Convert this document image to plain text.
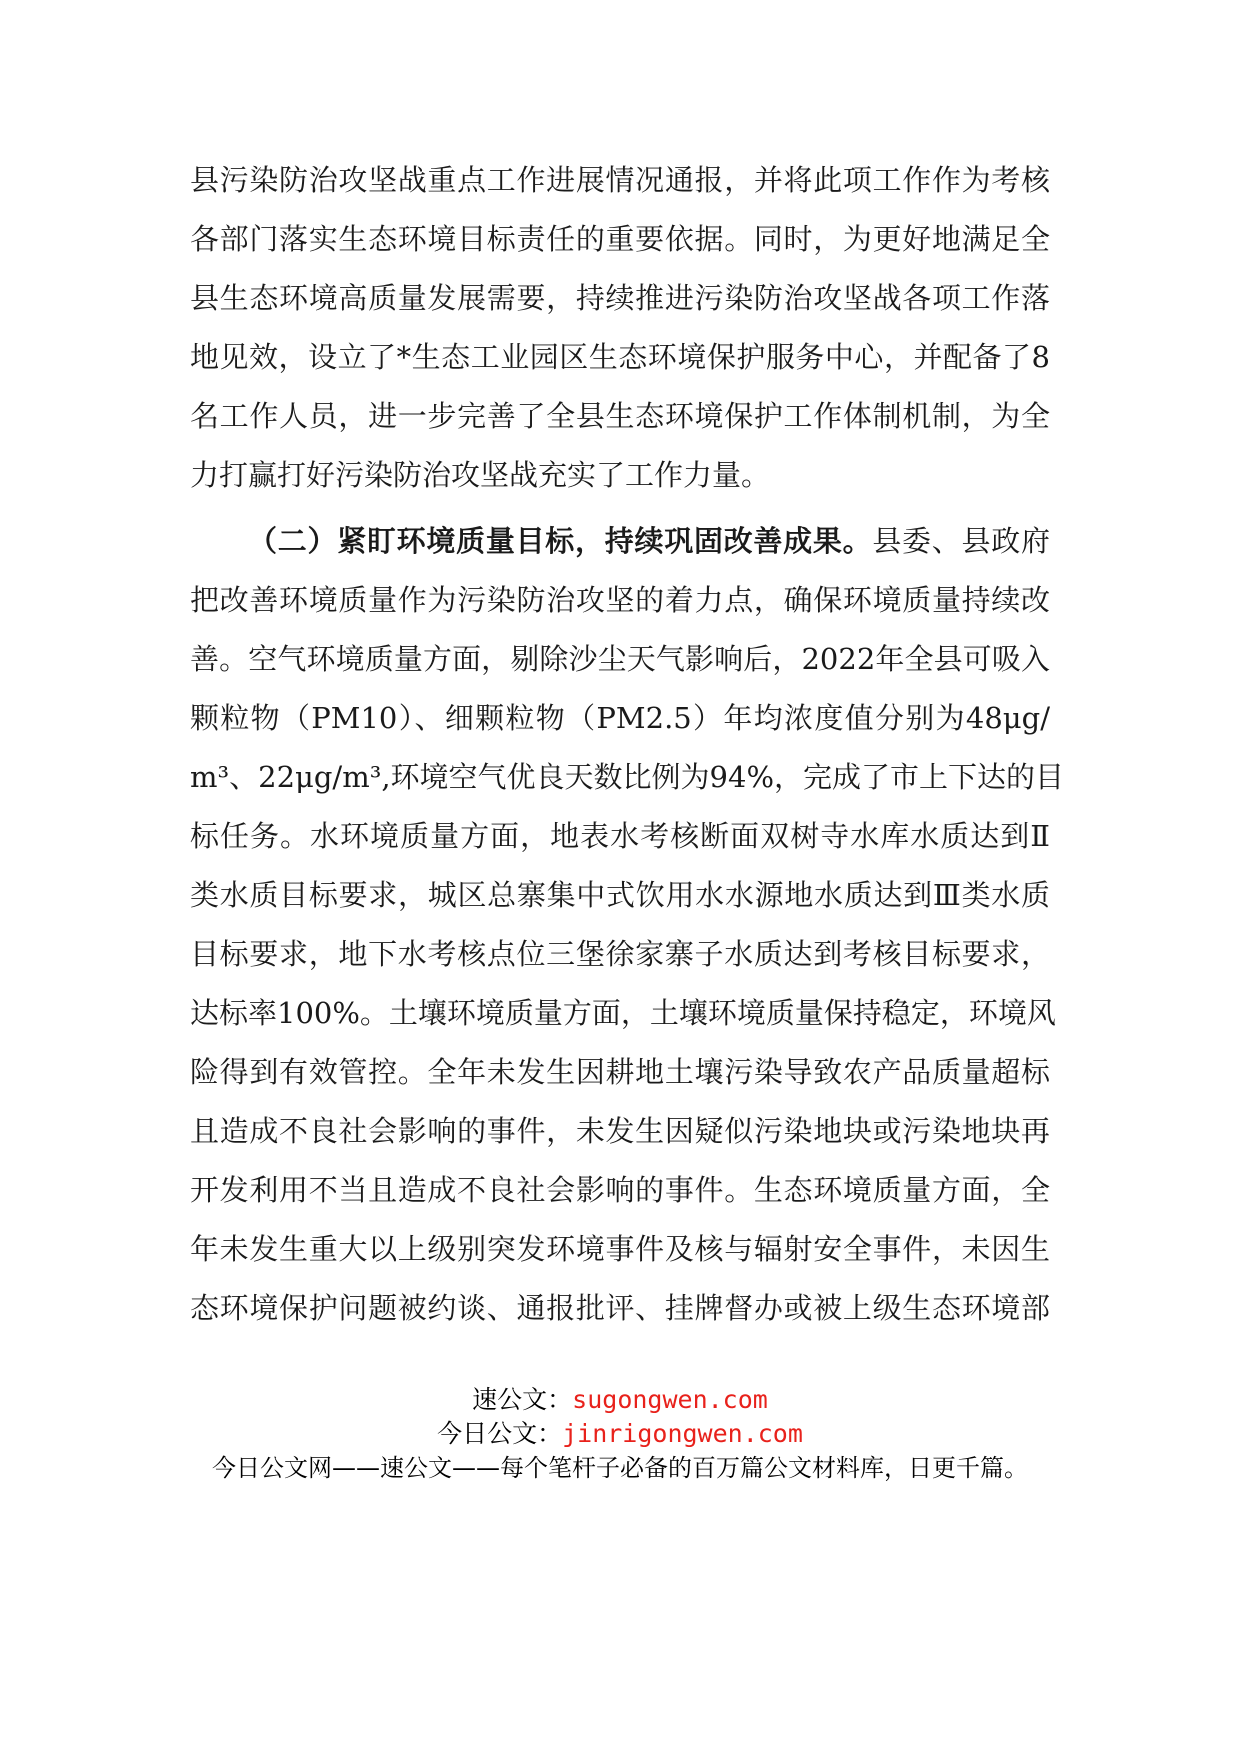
县污染防治攻坚战重点工作进展情况通报，并将此项工作作为考核
各部门落实生态环境目标责任的重要依据。同时，为更好地满足全
县生态环境高质量发展需要，持续推进污染防治攻坚战各项工作落
地见效，设立了*生态工业园区生态环境保护服务中心，并配备了8
名工作人员，进一步完善了全县生态环境保护工作体制机制，为全
力打赢打好污染防治攻坚战充实了工作力量。
（二）紧盯环境质量目标，持续巩固改善成果。县委、县政府
把改善环境质量作为污染防治攻坚的着力点，确保环境质量持续改
善。空气环境质量方面，剔除沙尘天气影响后，2022年全县可吸入
颗粒物（PM10）、细颗粒物（PM2.5）年均浓度值分别为48μg/
m³、22μg/m³,环境空气优良天数比例为94%，完成了市上下达的目
标任务。水环境质量方面，地表水考核断面双树寺水库水质达到Ⅱ
类水质目标要求，城区总寨集中式饮用水水源地水质达到Ⅲ类水质
目标要求，地下水考核点位三堡徐家寨子水质达到考核目标要求，
达标率100%。土壤环境质量方面，土壤环境质量保持稳定，环境风
险得到有效管控。全年未发生因耕地土壤污染导致农产品质量超标
且造成不良社会影响的事件，未发生因疑似污染地块或污染地块再
开发利用不当且造成不良社会影响的事件。生态环境质量方面，全
年未发生重大以上级别突发环境事件及核与辐射安全事件，未因生
态环境保护问题被约谈、通报批评、挂牌督办或被上级生态环境部
速公文：sugongwen.com
今日公文：jinrigongwen.com
今日公文网——速公文——每个笔杆子必备的百万篇公文材料库，日更千篇。
